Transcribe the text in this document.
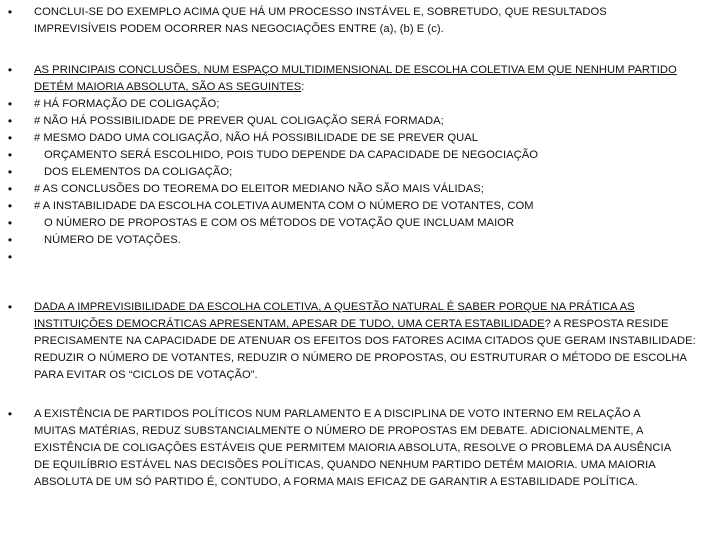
• CONCLUI-SE DO EXEMPLO ACIMA QUE HÁ UM PROCESSO INSTÁVEL E, SOBRETUDO, QUE RESULTADOS
IMPREVISÍVEIS PODEM OCORRER NAS NEGOCIAÇÕES ENTRE (a), (b) E (c).
•
•
•
•
•
•
•
•
•
•
•
AS PRINCIPAIS CONCLUSÕES, NUM ESPAÇO MULTIDIMENSIONAL DE ESCOLHA COLETIVA EM QUE NENHUM PARTIDO
DETÉM MAIORIA ABSOLUTA, SÃO AS SEGUINTES:
# HÁ FORMAÇÃO DE COLIGAÇÃO;
# NÃO HÁ POSSIBILIDADE DE PREVER QUAL COLIGAÇÃO SERÁ FORMADA;
# MESMO DADO UMA COLIGAÇÃO, NÃO HÁ POSSIBILIDADE DE SE PREVER QUAL
ORÇAMENTO SERÁ ESCOLHIDO, POIS TUDO DEPENDE DA CAPACIDADE DE NEGOCIAÇÃO
DOS ELEMENTOS DA COLIGAÇÃO;
# AS CONCLUSÕES DO TEOREMA DO ELEITOR MEDIANO NÃO SÃO MAIS VÁLIDAS;
# A INSTABILIDADE DA ESCOLHA COLETIVA AUMENTA COM O NÚMERO DE VOTANTES, COM
O NÚMERO DE PROPOSTAS E COM OS MÉTODOS DE VOTAÇÃO QUE INCLUAM MAIOR
NÚMERO DE VOTAÇÕES.
• DADA A IMPREVISIBILIDADE DA ESCOLHA COLETIVA, A QUESTÃO NATURAL É SABER PORQUE NA PRÁTICA AS
INSTITUIÇÕES DEMOCRÁTICAS APRESENTAM, APESAR DE TUDO, UMA CERTA ESTABILIDADE? A RESPOSTA RESIDE
PRECISAMENTE NA CAPACIDADE DE ATENUAR OS EFEITOS DOS FATORES ACIMA CITADOS QUE GERAM INSTABILIDADE:
REDUZIR O NÚMERO DE VOTANTES, REDUZIR O NÚMERO DE PROPOSTAS, OU ESTRUTURAR O MÉTODO DE ESCOLHA
PARA EVITAR OS “CICLOS DE VOTAÇÃO”.
• A EXISTÊNCIA DE PARTIDOS POLÍTICOS NUM PARLAMENTO E A DISCIPLINA DE VOTO INTERNO EM RELAÇÃO A
MUITAS MATÉRIAS, REDUZ SUBSTANCIALMENTE O NÚMERO DE PROPOSTAS EM DEBATE. ADICIONALMENTE, A
EXISTÊNCIA DE COLIGAÇÕES ESTÁVEIS QUE PERMITEM MAIORIA ABSOLUTA, RESOLVE O PROBLEMA DA AUSÊNCIA
DE EQUILÍBRIO ESTÁVEL NAS DECISÕES POLÍTICAS, QUANDO NENHUM PARTIDO DETÉM MAIORIA. UMA MAIORIA
ABSOLUTA DE UM SÓ PARTIDO É, CONTUDO, A FORMA MAIS EFICAZ DE GARANTIR A ESTABILIDADE POLÍTICA.
